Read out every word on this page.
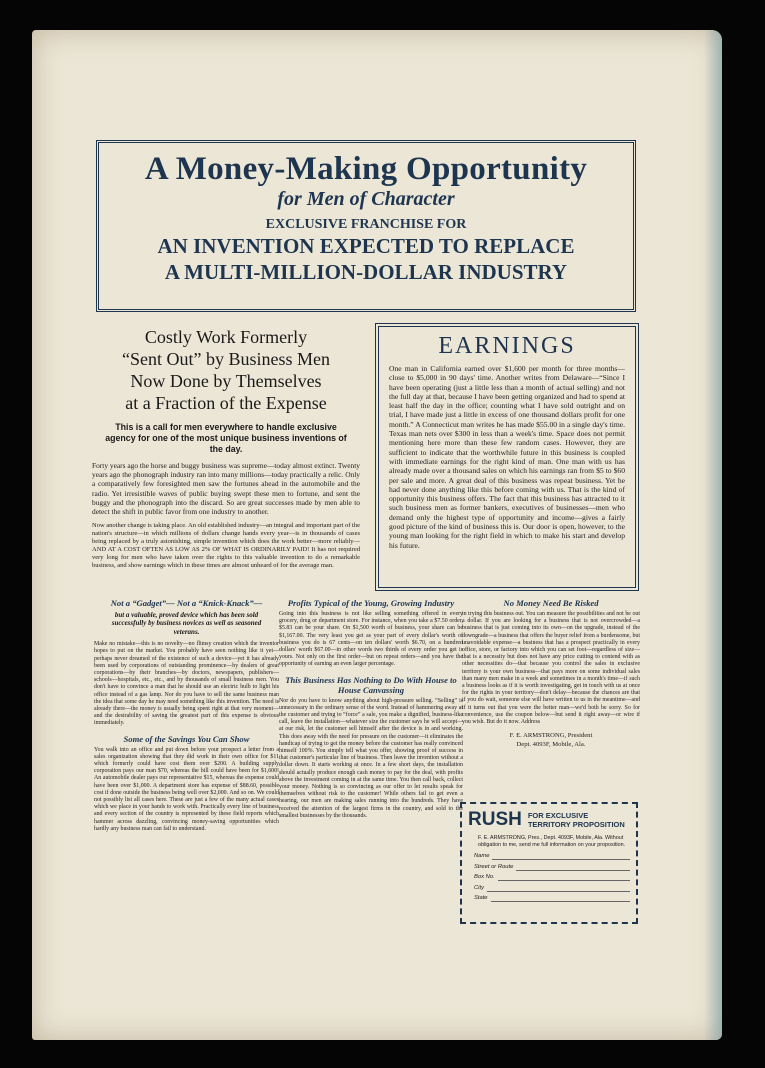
A Money-Making Opportunity
for Men of Character
EXCLUSIVE FRANCHISE FOR
AN INVENTION EXPECTED TO REPLACE
A MULTI-MILLION-DOLLAR INDUSTRY
Costly Work Formerly
“Sent Out” by Business Men
Now Done by Themselves
at a Fraction of the Expense
This is a call for men everywhere to handle exclusive agency for one of the most unique business inventions of the day.

Forty years ago the horse and buggy business was supreme—today almost extinct. Twenty years ago the phonograph industry ran into many millions—today practically a relic. Only a comparatively few foresighted men saw the fortunes ahead in the automobile and the radio. Yet irresistible waves of public buying swept these men to fortune, and sent the buggy and the phonograph into the discard. So are great successes made by men able to detect the shift in public favor from one industry to another.

Now another change is taking place. An old established industry—an integral and important part of the nation's structure—in which millions of dollars change hands every year—is in thousands of cases being replaced by a truly astonishing, simple invention which does the work better—more reliably—AND AT A COST OFTEN AS LOW AS 2% OF WHAT IS ORDINARILY PAID! It has not required very long for men who have taken over the rights to this valuable invention to do a remarkable business, and show earnings which in these times are almost unheard of for the average man.

EARNINGS
One man in California earned over $1,600 per month for three months—close to $5,000 in 90 days' time. Another writes from Delaware—“Since I have been operating (just a little less than a month of actual selling) and not the full day at that, because I have been getting organized and had to spend at least half the day in the office; counting what I have sold outright and on trial, I have made just a little in excess of one thousand dollars profit for one month.” A Connecticut man writes he has made $55.00 in a single day's time. Texas man nets over $300 in less than a week's time. Space does not permit mentioning here more than these few random cases. However, they are sufficient to indicate that the worthwhile future in this business is coupled with immediate earnings for the right kind of man. One man with us has already made over a thousand sales on which his earnings ran from $5 to $60 per sale and more. A great deal of this business was repeat business. Yet he had never done anything like this before coming with us. That is the kind of opportunity this business offers. The fact that this business has attracted to it such business men as former bankers, executives of businesses—men who demand only the highest type of opportunity and income—gives a fairly good picture of the kind of business this is. Our door is open, however, to the young man looking for the right field in which to make his start and develop his future.
Not a “Gadget”— Not a “Knick-Knack”—
but a valuable, proved device which has been sold successfully by business novices as well as seasoned veterans.
Make no mistake—this is no novelty—no flimsy creation which the inventor hopes to put on the market. You probably have seen nothing like it yet—perhaps never dreamed of the existence of such a device—yet it has already been used by corporations of outstanding prominence—by dealers of great corporations—by their branches—by doctors, newspapers, publishers—schools—hospitals, etc., etc., and by thousands of small business men. You don't have to convince a man that he should use an electric bulb to light his office instead of a gas lamp. Nor do you have to sell the same business man the idea that some day he may need something like this invention. The need is already there—the money is usually being spent right at that very moment—and the desirability of saving the greatest part of this expense is obvious immediately.
Some of the Savings You Can Show
You walk into an office and put down before your prospect a letter from a sales organization showing that they did work in their own office for $11 which formerly could have cost them over $200. A building supply corporation pays our man $70, whereas the bill could have been for $1,600! An automobile dealer pays our representative $15, whereas the expense could have been over $1,000. A department store has expense of $88.60, possible cost if done outside the business being well over $2,000. And so on. We could not possibly list all cases here. These are just a few of the many actual cases which we place in your hands to work with. Practically every line of business and every section of the country is represented by these field reports which hammer across dazzling, convincing money-saving opportunities which hardly any business man can fail to understand.
Profits Typical of the Young, Growing Industry
Going into this business is not like selling something offered in every grocery, drug or department store. For instance, when you take a $7.50 order, $5.83 can be your share. On $1,500 worth of business, your share can be $1,167.00. The very least you get as your part of every dollar's worth of business you do is 67 cents—on ten dollars' worth $6.70, on a hundred dollars' worth $67.00—in other words two thirds of every order you get is yours. Not only on the first order—but on repeat orders—and you have the opportunity of earning an even larger percentage.
This Business Has Nothing to Do With House to House Canvassing
Nor do you have to know anything about high-pressure selling. “Selling” is unnecessary in the ordinary sense of the word. Instead of hammering away at the customer and trying to “force” a sale, you make a dignified, business-like call, leave the installation—whatever size the customer says he will accept—at our risk, let the customer sell himself after the device is in and working. This does away with the need for pressure on the customer—it eliminates the handicap of trying to get the money before the customer has really convinced himself 100%. You simply tell what you offer, showing proof of success in that customer's particular line of business. Then leave the invention without a dollar down. It starts working at once. In a few short days, the installation should actually produce enough cash money to pay for the deal, with profits above the investment coming in at the same time. You then call back, collect your money. Nothing is so convincing as our offer to let results speak for themselves without risk to the customer! While others fail to get even a hearing, our men are making sales running into the hundreds. They have received the attention of the largest firms in the country, and sold to the smallest businesses by the thousands.
No Money Need Be Risked
in trying this business out. You can measure the possibilities and not be out a dollar. If you are looking for a business that is not overcrowded—a business that is just coming into its own—on the upgrade, instead of the downgrade—a business that offers the buyer relief from a burdensome, but unavoidable expense—a business that has a prospect practically in every office, store, or factory into which you can set foot—regardless of size—that is a necessity but does not have any price cutting to contend with as other necessities do—that because you control the sales in exclusive territory is your own business—that pays more on some individual sales than many men make in a week and sometimes in a month's time—if such a business looks as if it is worth investigating, get in touch with us at once for the rights in your territory—don't delay—because the chances are that if you do wait, someone else will have written to us in the meantime—and if it turns out that you were the better man—we'd both be sorry. So for convenience, use the coupon below—but send it right away—or wire if you wish. But do it now. Address
F. E. ARMSTRONG, President
Dept. 4093F, Mobile, Ala.
RUSH FOR EXCLUSIVE
TERRITORY PROPOSITION
F. E. ARMSTRONG, Pres., Dept. 4093F, Mobile, Ala. Without obligation to me, send me full information on your proposition.
Name
Street or Route
Box No.
City
State
